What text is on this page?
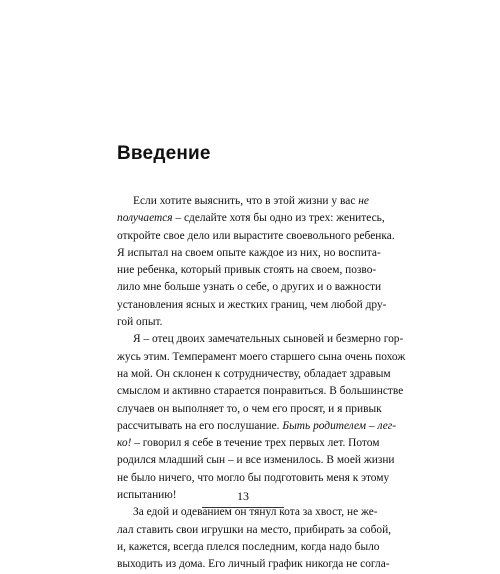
Введение
Если хотите выяснить, что в этой жизни у вас не
получается – сделайте хотя бы одно из трех: женитесь,
откройте свое дело или вырастите своевольного ребенка.
Я испытал на своем опыте каждое из них, но воспита-
ние ребенка, который привык стоять на своем, позво-
лило мне больше узнать о себе, о других и о важности
установления ясных и жестких границ, чем любой дру-
гой опыт.
Я – отец двоих замечательных сыновей и безмерно гор-
жусь этим. Темперамент моего старшего сына очень похож
на мой. Он склонен к сотрудничеству, обладает здравым
смыслом и активно старается понравиться. В большинстве
случаев он выполняет то, о чем его просят, и я привык
рассчитывать на его послушание. Быть родителем – лег-
ко! – говорил я себе в течение трех первых лет. Потом
родился младший сын – и все изменилось. В моей жизни
не было ничего, что могло бы подготовить меня к этому
испытанию!
За едой и одеванием он тянул кота за хвост, не же-
лал ставить свои игрушки на место, прибирать за собой,
и, кажется, всегда плелся последним, когда надо было
выходить из дома. Его личный график никогда не согла-
13
